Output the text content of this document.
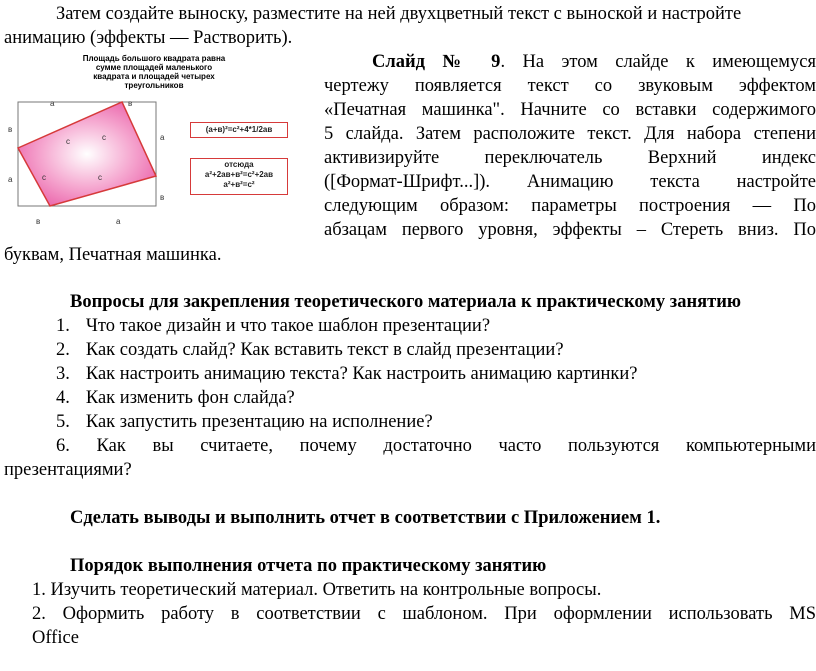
Затем создайте выноску, разместите на ней двухцветный текст с выноской и настройте
анимацию (эффекты — Растворить).
Слайд № 9. На этом слайде к имеющемуся
чертежу появляется текст со звуковым эффектом
«Печатная машинка". Начните со вставки содержимого
5 слайда. Затем расположите текст. Для набора степени
активизируйте переключатель Верхний индекс
([Формат-Шрифт...]). Анимацию текста настройте
следующим образом: параметры построения — По
абзацам первого уровня, эффекты – Стереть вниз. По
буквам, Печатная машинка.
Площадь большого квадрата равна
сумме площадей маленького
квадрата и площадей четырех треугольников
а	в
в
а
а
в
в	а
с	с
с	с
(a+в)²=c²+4*1/2aв
отсюда
a²+2aв+в²=c²+2aв
a²+в²=c²
Вопросы для закрепления теоретического материала к практическому занятию
1. Что такое дизайн и что такое шаблон презентации?
2. Как создать слайд? Как вставить текст в слайд презентации?
3. Как настроить анимацию текста? Как настроить анимацию картинки?
4. Как изменить фон слайда?
5. Как запустить презентацию на исполнение?
6. Как вы считаете, почему достаточно часто пользуются компьютерными
презентациями?
Сделать выводы и выполнить отчет в соответствии с Приложением 1.
Порядок выполнения отчета по практическому занятию
1. Изучить теоретический материал. Ответить на контрольные вопросы.
2. Оформить работу в соответствии с шаблоном. При оформлении использовать MS
Office
